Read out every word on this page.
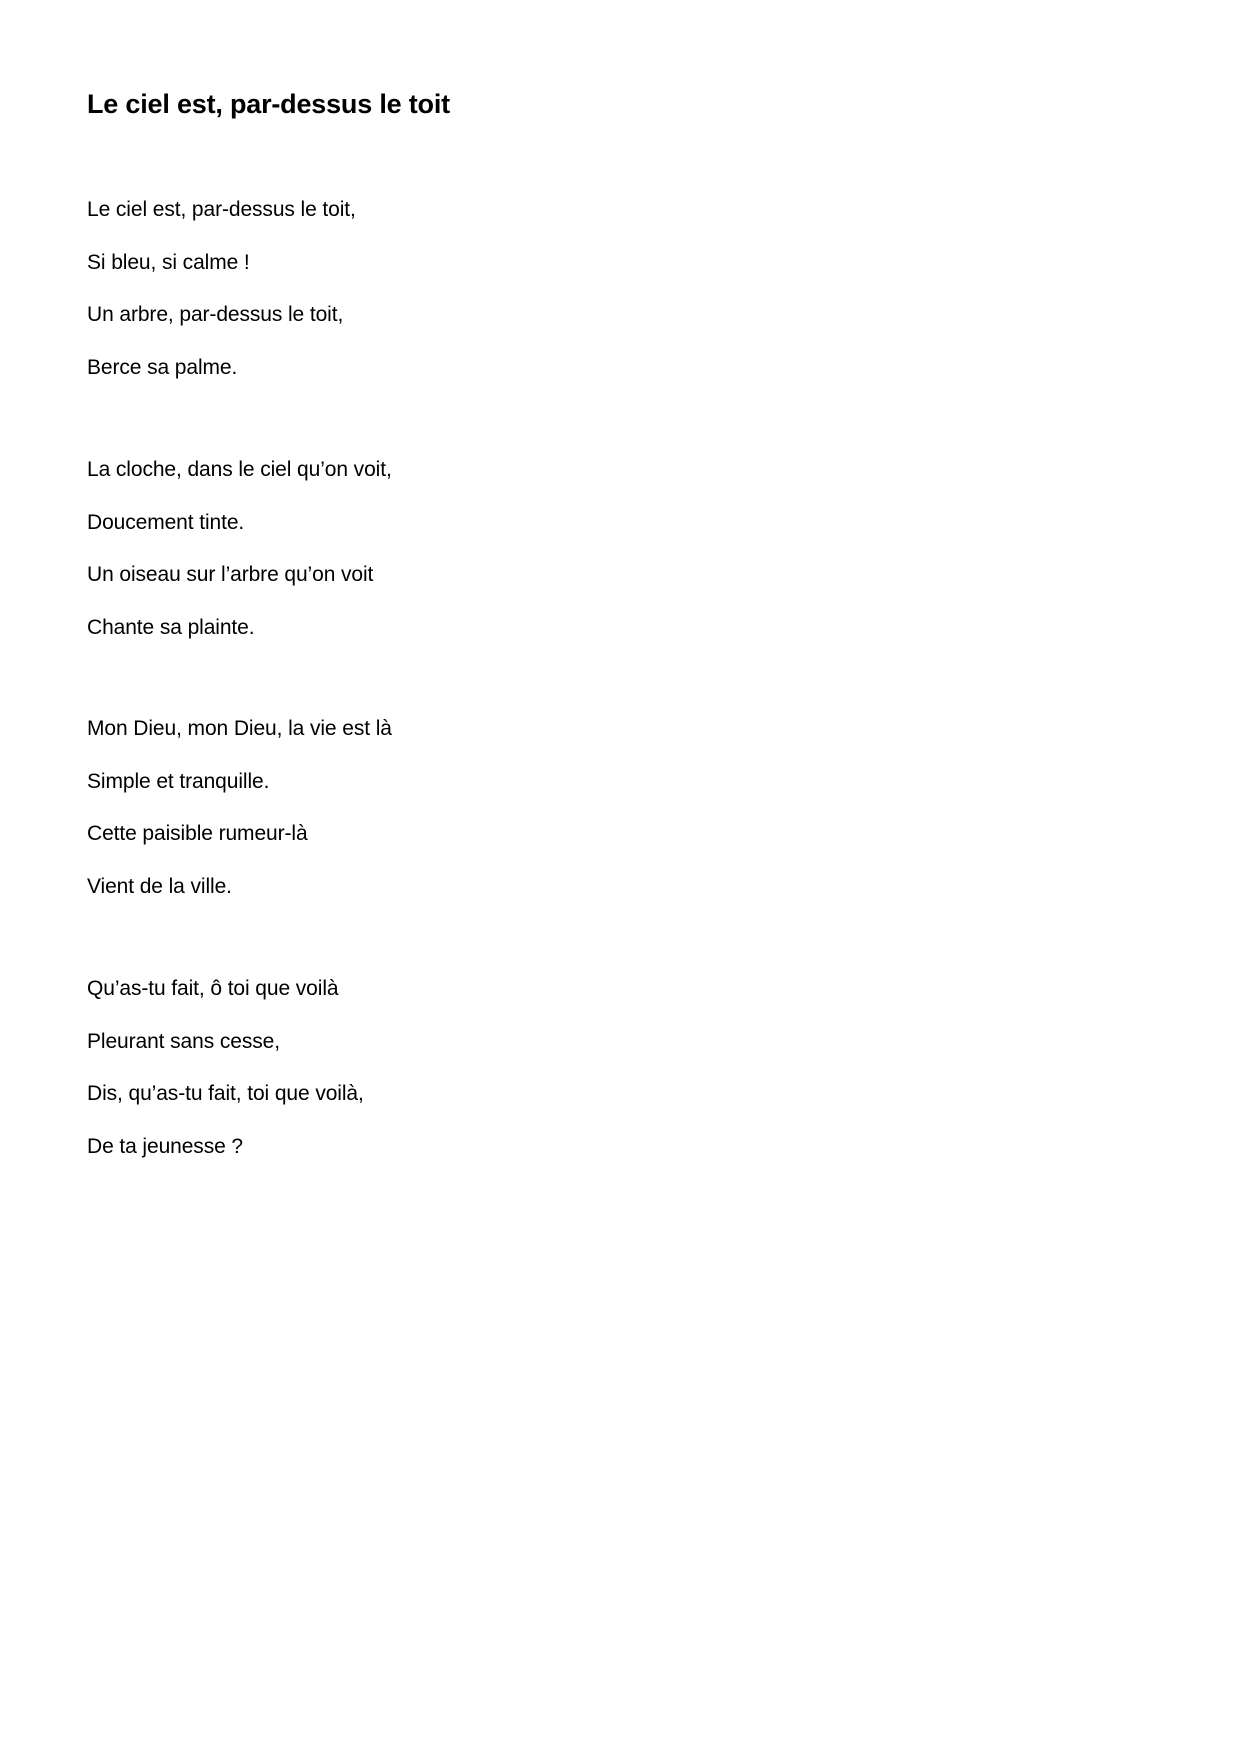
Le ciel est, par-dessus le toit
Le ciel est, par-dessus le toit,
Si bleu, si calme !
Un arbre, par-dessus le toit,
Berce sa palme.
La cloche, dans le ciel qu’on voit,
Doucement tinte.
Un oiseau sur l’arbre qu’on voit
Chante sa plainte.
Mon Dieu, mon Dieu, la vie est là
Simple et tranquille.
Cette paisible rumeur-là
Vient de la ville.
Qu’as-tu fait, ô toi que voilà
Pleurant sans cesse,
Dis, qu’as-tu fait, toi que voilà,
De ta jeunesse ?
